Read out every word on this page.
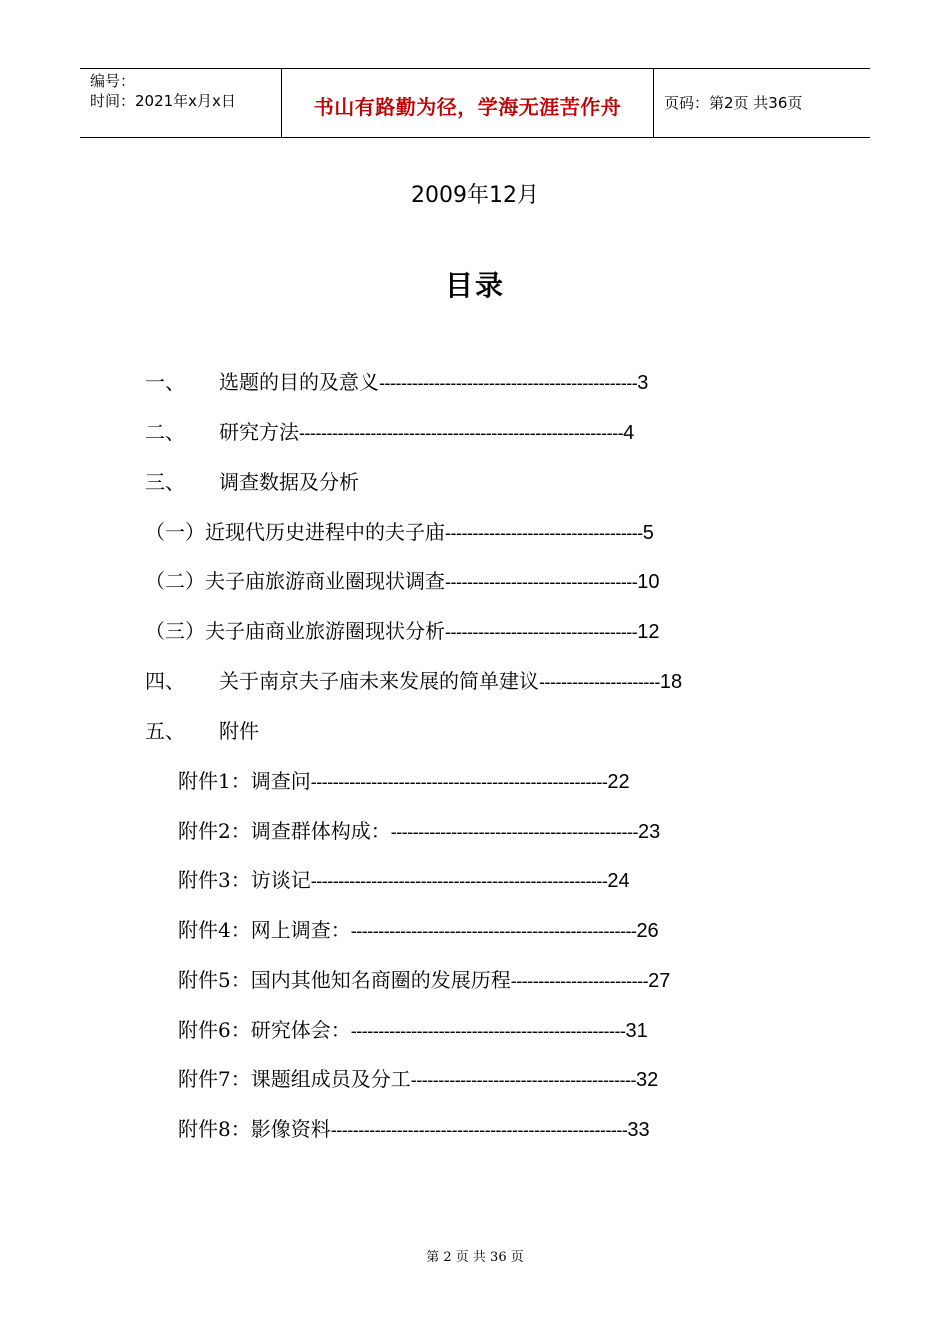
编号：
时间：2021年x月x日	书山有路勤为径，学海无涯苦作舟	页码：第2页 共36页
2009年12月
目录
一、 选题的目的及意义-----------------------------------------------3
二、 研究方法-----------------------------------------------------------4
三、 调查数据及分析
（一）近现代历史进程中的夫子庙------------------------------------5
（二）夫子庙旅游商业圈现状调查-----------------------------------10
（三）夫子庙商业旅游圈现状分析-----------------------------------12
四、 关于南京夫子庙未来发展的简单建议----------------------18
五、 附件
附件1：调查问------------------------------------------------------22
附件2：调查群体构成：---------------------------------------------23
附件3：访谈记------------------------------------------------------24
附件4：网上调查：----------------------------------------------------26
附件5：国内其他知名商圈的发展历程-------------------------27
附件6：研究体会：--------------------------------------------------31
附件7：课题组成员及分工-----------------------------------------32
附件8：影像资料------------------------------------------------------33
第 2 页 共 36 页
